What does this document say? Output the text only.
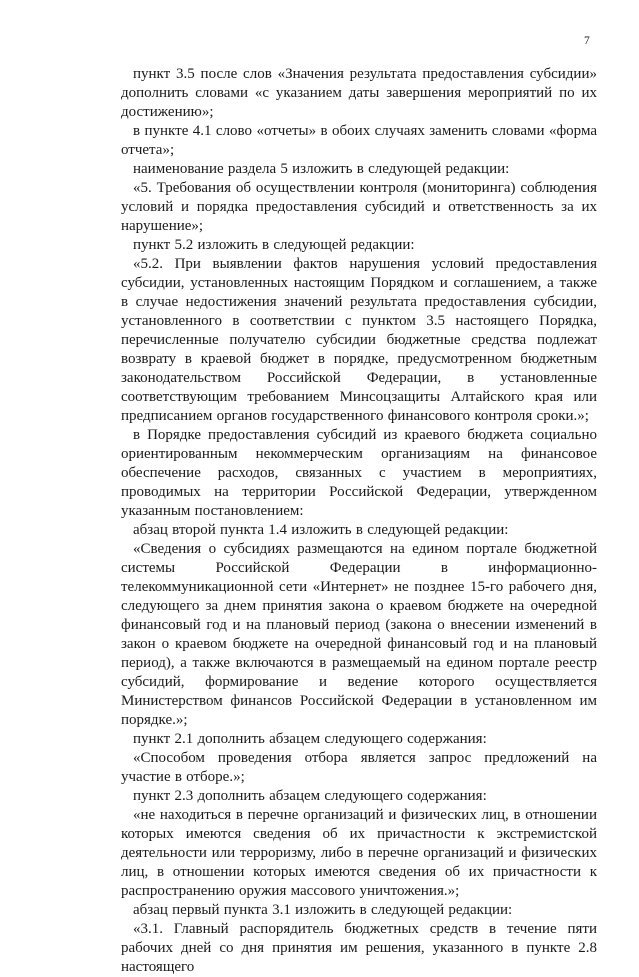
7

пункт 3.5 после слов «Значения результата предоставления субсидии» дополнить словами «с указанием даты завершения мероприятий по их достижению»;

в пункте 4.1 слово «отчеты» в обоих случаях заменить словами «форма отчета»;

наименование раздела 5 изложить в следующей редакции:

«5. Требования об осуществлении контроля (мониторинга) соблюдения условий и порядка предоставления субсидий и ответственность за их нарушение»;

пункт 5.2 изложить в следующей редакции:

«5.2. При выявлении фактов нарушения условий предоставления субсидии, установленных настоящим Порядком и соглашением, а также в случае недостижения значений результата предоставления субсидии, установленного в соответствии с пунктом 3.5 настоящего Порядка, перечисленные получателю субсидии бюджетные средства подлежат возврату в краевой бюджет в порядке, предусмотренном бюджетным законодательством Российской Федерации, в установленные соответствующим требованием Минсоцзащиты Алтайского края или предписанием органов государственного финансового контроля сроки.»;

в Порядке предоставления субсидий из краевого бюджета социально ориентированным некоммерческим организациям на финансовое обеспечение расходов, связанных с участием в мероприятиях, проводимых на территории Российской Федерации, утвержденном указанным постановлением:

абзац второй пункта 1.4 изложить в следующей редакции:

«Сведения о субсидиях размещаются на едином портале бюджетной системы Российской Федерации в информационно-телекоммуникационной сети «Интернет» не позднее 15-го рабочего дня, следующего за днем принятия закона о краевом бюджете на очередной финансовый год и на плановый период (закона о внесении изменений в закон о краевом бюджете на очередной финансовый год и на плановый период), а также включаются в размещаемый на едином портале реестр субсидий, формирование и ведение которого осуществляется Министерством финансов Российской Федерации в установленном им порядке.»;

пункт 2.1 дополнить абзацем следующего содержания:

«Способом проведения отбора является запрос предложений на участие в отборе.»;

пункт 2.3 дополнить абзацем следующего содержания:

«не находиться в перечне организаций и физических лиц, в отношении которых имеются сведения об их причастности к экстремистской деятельности или терроризму, либо в перечне организаций и физических лиц, в отношении которых имеются сведения об их причастности к распространению оружия массового уничтожения.»;

абзац первый пункта 3.1 изложить в следующей редакции:

«3.1. Главный распорядитель бюджетных средств в течение пяти рабочих дней со дня принятия им решения, указанного в пункте 2.8 настоящего
